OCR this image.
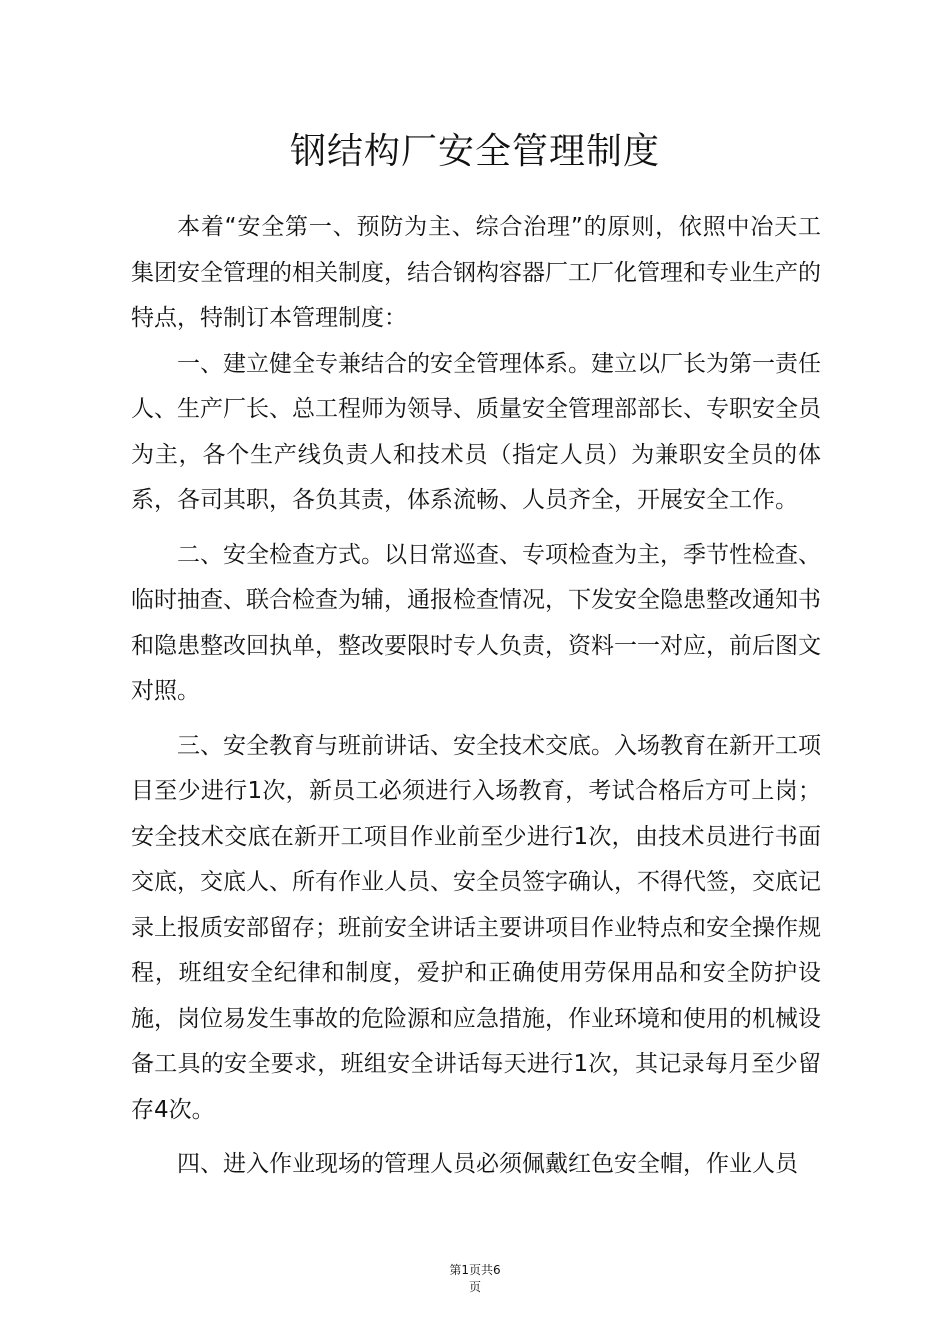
钢结构厂安全管理制度

本着“安全第一、预防为主、综合治理”的原则，依照中冶天工集团安全管理的相关制度，结合钢构容器厂工厂化管理和专业生产的特点，特制订本管理制度：

一、建立健全专兼结合的安全管理体系。建立以厂长为第一责任人、生产厂长、总工程师为领导、质量安全管理部部长、专职安全员为主，各个生产线负责人和技术员（指定人员）为兼职安全员的体系，各司其职，各负其责，体系流畅、人员齐全，开展安全工作。

二、安全检查方式。以日常巡查、专项检查为主，季节性检查、临时抽查、联合检查为辅，通报检查情况，下发安全隐患整改通知书和隐患整改回执单，整改要限时专人负责，资料一一对应，前后图文对照。

三、安全教育与班前讲话、安全技术交底。入场教育在新开工项目至少进行1次，新员工必须进行入场教育，考试合格后方可上岗；安全技术交底在新开工项目作业前至少进行1次，由技术员进行书面交底，交底人、所有作业人员、安全员签字确认，不得代签，交底记录上报质安部留存；班前安全讲话主要讲项目作业特点和安全操作规程，班组安全纪律和制度，爱护和正确使用劳保用品和安全防护设施，岗位易发生事故的危险源和应急措施，作业环境和使用的机械设备工具的安全要求，班组安全讲话每天进行1次，其记录每月至少留存4次。

四、进入作业现场的管理人员必须佩戴红色安全帽，作业人员

第1页共6
页
